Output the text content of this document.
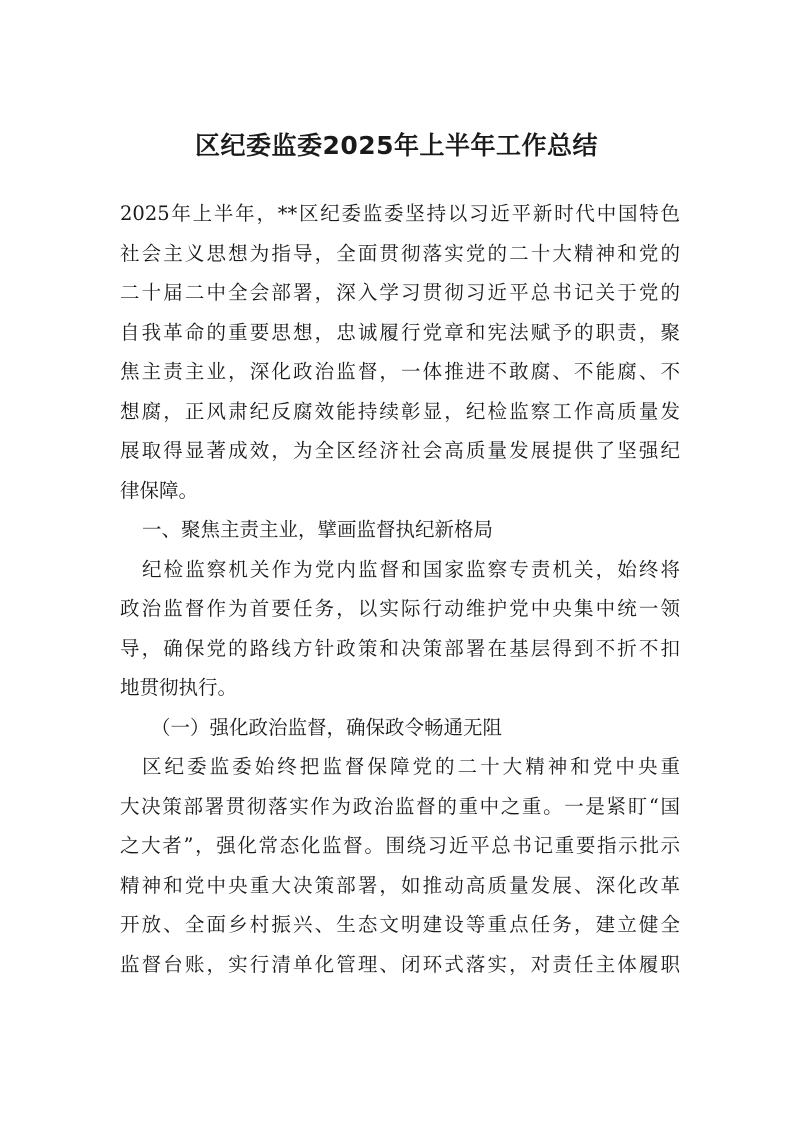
区纪委监委2025年上半年工作总结
2025年上半年，**区纪委监委坚持以习近平新时代中国特色
社会主义思想为指导，全面贯彻落实党的二十大精神和党的
二十届二中全会部署，深入学习贯彻习近平总书记关于党的
自我革命的重要思想，忠诚履行党章和宪法赋予的职责，聚
焦主责主业，深化政治监督，一体推进不敢腐、不能腐、不
想腐，正风肃纪反腐效能持续彰显，纪检监察工作高质量发
展取得显著成效，为全区经济社会高质量发展提供了坚强纪
律保障。
一、聚焦主责主业，擘画监督执纪新格局
纪检监察机关作为党内监督和国家监察专责机关，始终将
政治监督作为首要任务，以实际行动维护党中央集中统一领
导，确保党的路线方针政策和决策部署在基层得到不折不扣
地贯彻执行。
（一）强化政治监督，确保政令畅通无阻
区纪委监委始终把监督保障党的二十大精神和党中央重
大决策部署贯彻落实作为政治监督的重中之重。一是紧盯“国
之大者”，强化常态化监督。围绕习近平总书记重要指示批示
精神和党中央重大决策部署，如推动高质量发展、深化改革
开放、全面乡村振兴、生态文明建设等重点任务，建立健全
监督台账，实行清单化管理、闭环式落实，对责任主体履职
